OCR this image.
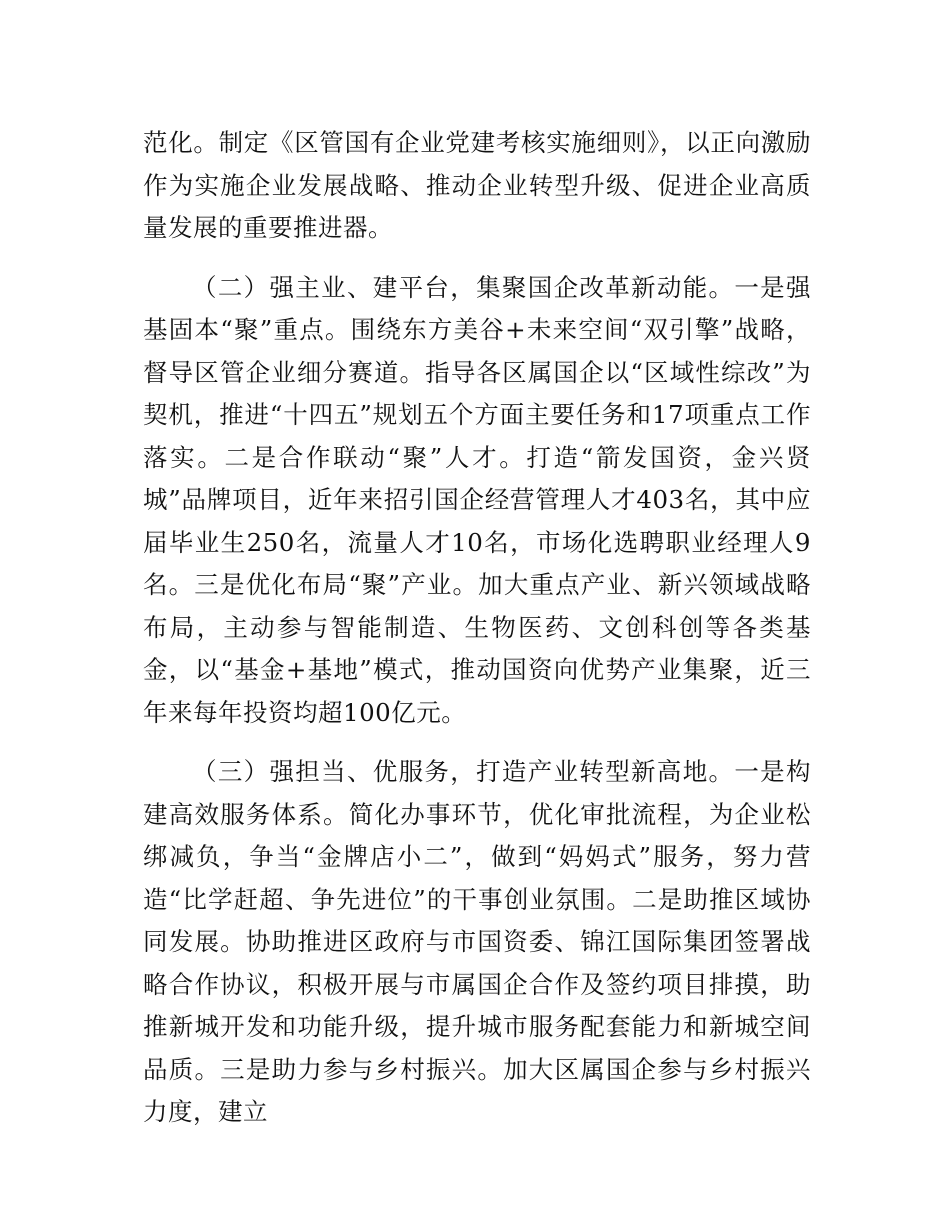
范化。制定《区管国有企业党建考核实施细则》，以正向激励作为实施企业发展战略、推动企业转型升级、促进企业高质量发展的重要推进器。

（二）强主业、建平台，集聚国企改革新动能。一是强基固本“聚”重点。围绕东方美谷+未来空间“双引擎”战略，督导区管企业细分赛道。指导各区属国企以“区域性综改”为契机，推进“十四五”规划五个方面主要任务和17项重点工作落实。二是合作联动“聚”人才。打造“箭发国资，金兴贤城”品牌项目，近年来招引国企经营管理人才403名，其中应届毕业生250名，流量人才10名，市场化选聘职业经理人9名。三是优化布局“聚”产业。加大重点产业、新兴领域战略布局，主动参与智能制造、生物医药、文创科创等各类基金，以“基金+基地”模式，推动国资向优势产业集聚，近三年来每年投资均超100亿元。

（三）强担当、优服务，打造产业转型新高地。一是构建高效服务体系。简化办事环节，优化审批流程，为企业松绑减负，争当“金牌店小二”，做到“妈妈式”服务，努力营造“比学赶超、争先进位”的干事创业氛围。二是助推区域协同发展。协助推进区政府与市国资委、锦江国际集团签署战略合作协议，积极开展与市属国企合作及签约项目排摸，助推新城开发和功能升级，提升城市服务配套能力和新城空间品质。三是助力参与乡村振兴。加大区属国企参与乡村振兴力度，建立
